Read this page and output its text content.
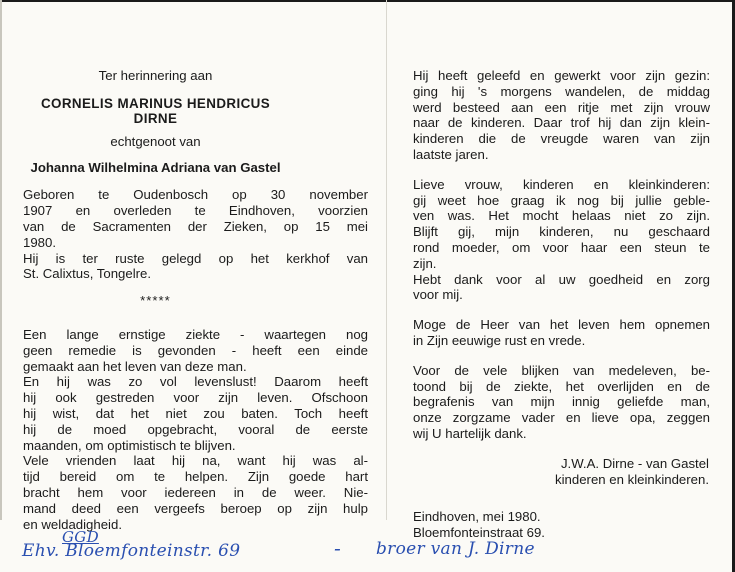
Ter herinnering aan
CORNELIS MARINUS HENDRICUS
DIRNE
echtgenoot van
Johanna Wilhelmina Adriana van Gastel
Geboren te Oudenbosch op 30 november
1907 en overleden te Eindhoven, voorzien
van de Sacramenten der Zieken, op 15 mei
1980.
Hij is ter ruste gelegd op het kerkhof van
St. Calixtus, Tongelre.
*****
Een lange ernstige ziekte - waartegen nog
geen remedie is gevonden - heeft een einde
gemaakt aan het leven van deze man.
En hij was zo vol levenslust! Daarom heeft
hij ook gestreden voor zijn leven. Ofschoon
hij wist, dat het niet zou baten. Toch heeft
hij de moed opgebracht, vooral de eerste
maanden, om optimistisch te blijven.
Vele vrienden laat hij na, want hij was al-
tijd bereid om te helpen. Zijn goede hart
bracht hem voor iedereen in de weer. Nie-
mand deed een vergeefs beroep op zijn hulp
en weldadigheid.
Hij heeft geleefd en gewerkt voor zijn gezin:
ging hij 's morgens wandelen, de middag
werd besteed aan een ritje met zijn vrouw
naar de kinderen. Daar trof hij dan zijn klein-
kinderen die de vreugde waren van zijn
laatste jaren.
Lieve vrouw, kinderen en kleinkinderen:
gij weet hoe graag ik nog bij jullie geble-
ven was. Het mocht helaas niet zo zijn.
Blijft gij, mijn kinderen, nu geschaard
rond moeder, om voor haar een steun te
zijn.
Hebt dank voor al uw goedheid en zorg
voor mij.
Moge de Heer van het leven hem opnemen
in Zijn eeuwige rust en vrede.
Voor de vele blijken van medeleven, be-
toond bij de ziekte, het overlijden en de
begrafenis van mijn innig geliefde man,
onze zorgzame vader en lieve opa, zeggen
wij U hartelijk dank.
J.W.A. Dirne - van Gastel
kinderen en kleinkinderen.
Eindhoven, mei 1980.
Bloemfonteinstraat 69.
GGD
Ehv. Bloemfonteinstr. 69	- broer van J. Dirne
